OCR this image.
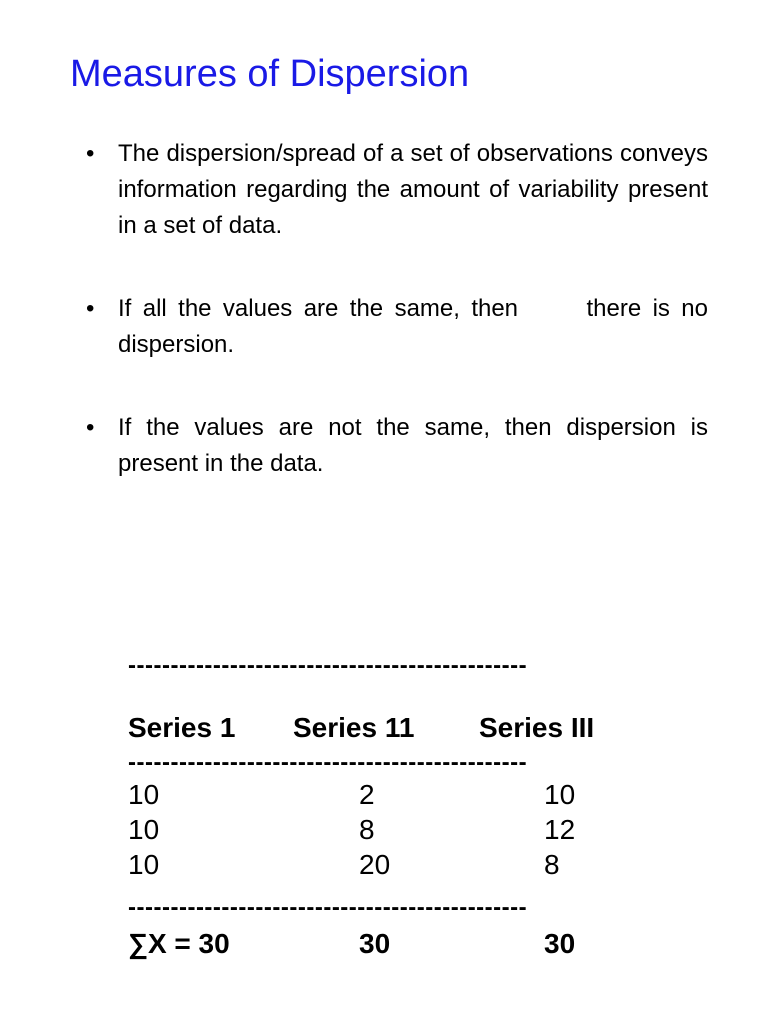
Measures of Dispersion
• The dispersion/spread of a set of observations conveys information regarding the amount of variability present in a set of data.
• If all the values are the same, then      there is no dispersion.
• If the values are not the same, then dispersion is present in the data.
-----------------------------------------------
Series 1	Series 11	Series III
-----------------------------------------------
10	2	10
10	8	12
10	20	8
-----------------------------------------------
∑X = 30	30	30
